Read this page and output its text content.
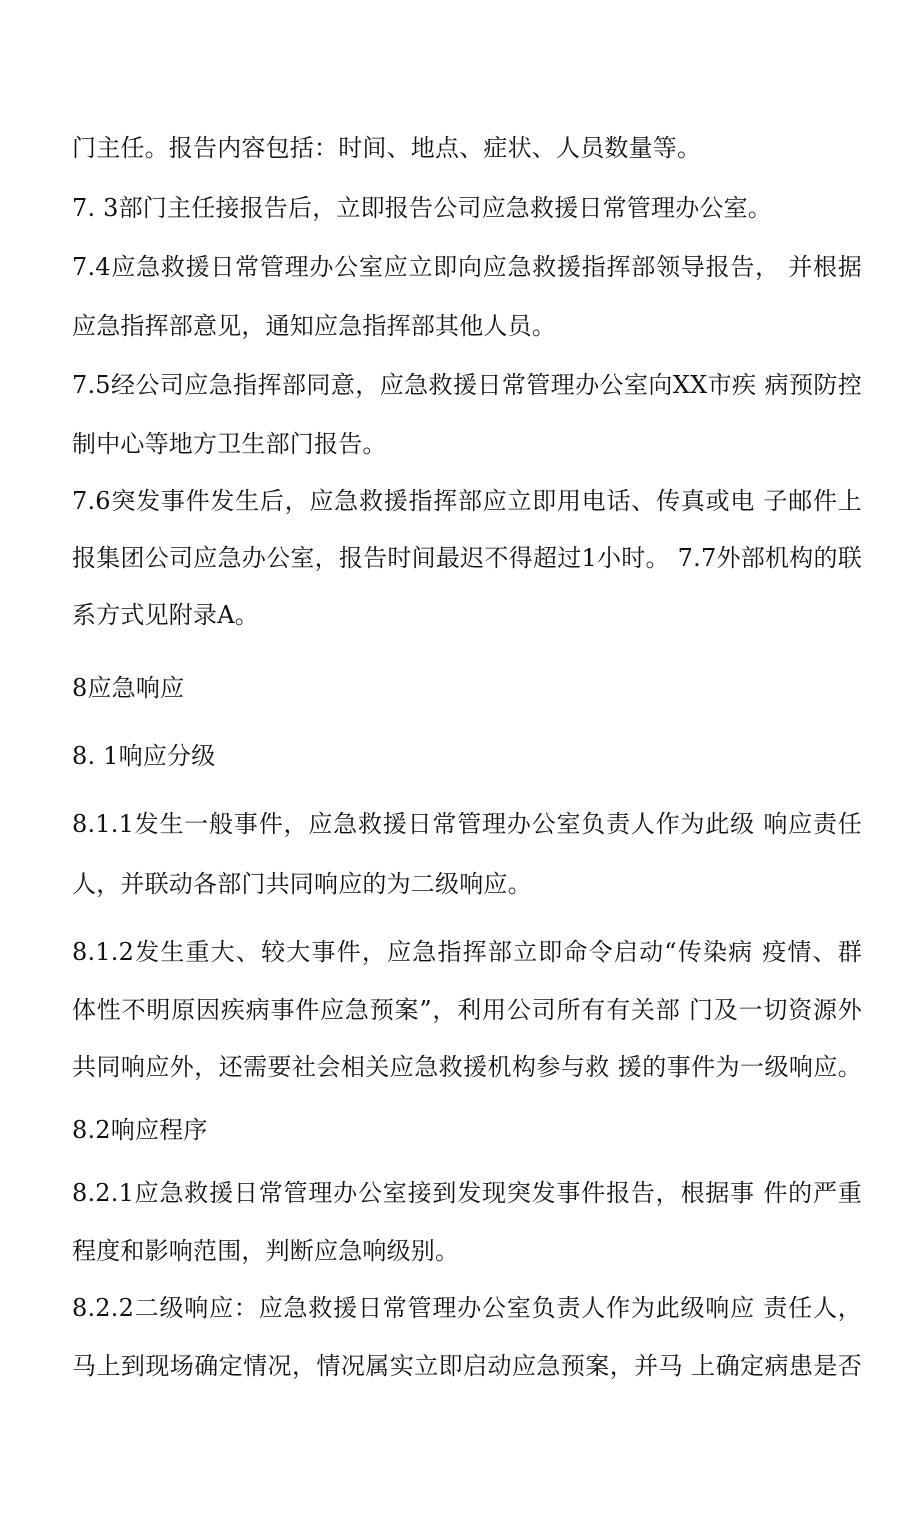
门主任。报告内容包括：时间、地点、症状、人员数量等。
7. 3部门主任接报告后，立即报告公司应急救援日常管理办公室。
7.4应急救援日常管理办公室应立即向应急救援指挥部领导报告， 并根据
应急指挥部意见，通知应急指挥部其他人员。
7.5经公司应急指挥部同意，应急救援日常管理办公室向XX市疾 病预防控
制中心等地方卫生部门报告。
7.6突发事件发生后，应急救援指挥部应立即用电话、传真或电 子邮件上
报集团公司应急办公室，报告时间最迟不得超过1小时。 7.7外部机构的联
系方式见附录A。
8应急响应
8. 1响应分级
8.1.1发生一般事件，应急救援日常管理办公室负责人作为此级 响应责任
人，并联动各部门共同响应的为二级响应。
8.1.2发生重大、较大事件，应急指挥部立即命令启动“传染病 疫情、群
体性不明原因疾病事件应急预案”，利用公司所有有关部 门及一切资源外
共同响应外，还需要社会相关应急救援机构参与救 援的事件为一级响应。
8.2响应程序
8.2.1应急救援日常管理办公室接到发现突发事件报告，根据事 件的严重
程度和影响范围，判断应急响级别。
8.2.2二级响应：应急救援日常管理办公室负责人作为此级响应 责任人，
马上到现场确定情况，情况属实立即启动应急预案，并马 上确定病患是否
